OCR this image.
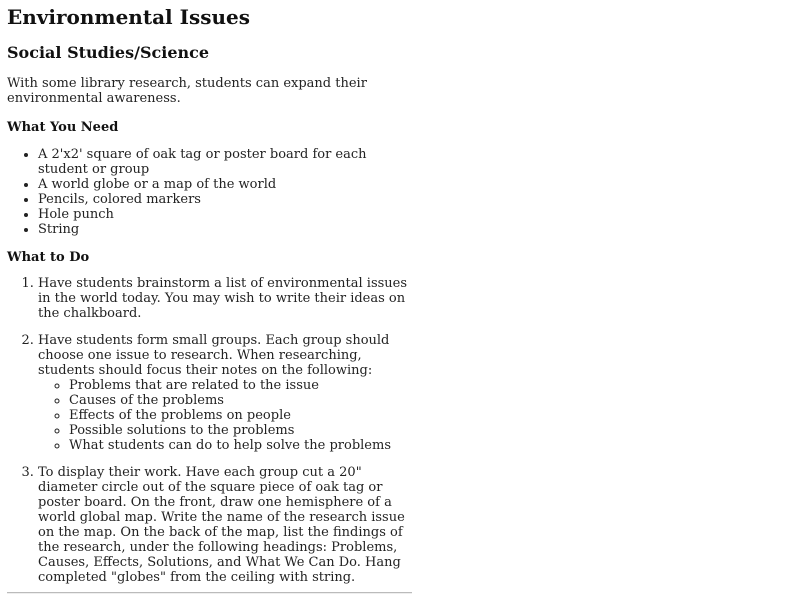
Environmental Issues
Social Studies/Science

With some library research, students can expand their environmental awareness.

What You Need
• A 2'x2' square of oak tag or poster board for each student or group
• A world globe or a map of the world
• Pencils, colored markers
• Hole punch
• String
What to Do
1. Have students brainstorm a list of environmental issues in the world today. You may wish to write their ideas on the chalkboard.
2. Have students form small groups. Each group should choose one issue to research. When researching, students should focus their notes on the following:
◦ Problems that are related to the issue
◦ Causes of the problems
◦ Effects of the problems on people
◦ Possible solutions to the problems
◦ What students can do to help solve the problems
3. To display their work. Have each group cut a 20" diameter circle out of the square piece of oak tag or poster board. On the front, draw one hemisphere of a world global map. Write the name of the research issue on the map. On the back of the map, list the findings of the research, under the following headings: Problems, Causes, Effects, Solutions, and What We Can Do. Hang completed "globes" from the ceiling with string.
